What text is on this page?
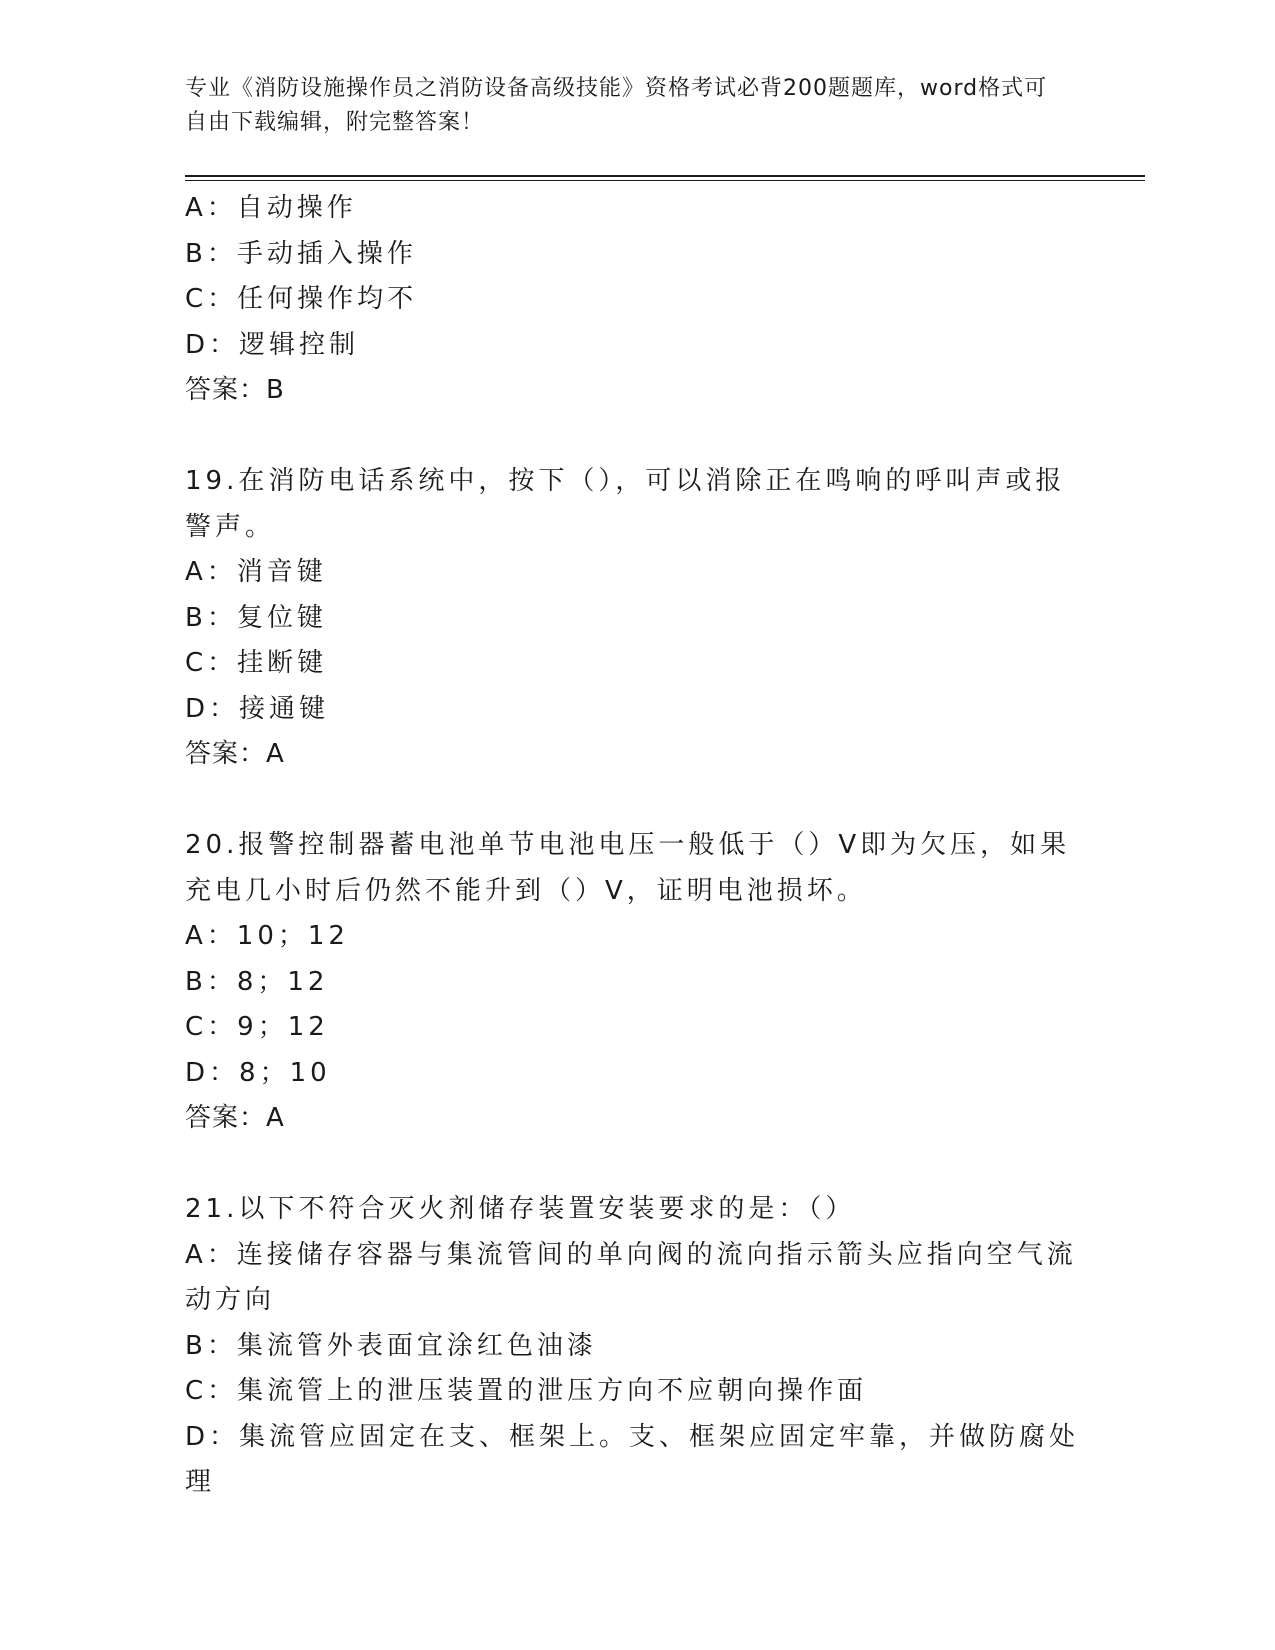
专业《消防设施操作员之消防设备高级技能》资格考试必背200题题库，word格式可自由下载编辑，附完整答案！
A：自动操作
B：手动插入操作
C：任何操作均不
D：逻辑控制
答案：B
19.在消防电话系统中，按下（），可以消除正在鸣响的呼叫声或报警声。
A：消音键
B：复位键
C：挂断键
D：接通键
答案：A
20.报警控制器蓄电池单节电池电压一般低于（）V即为欠压，如果充电几小时后仍然不能升到（）V，证明电池损坏。
A：10；12
B：8；12
C：9；12
D：8；10
答案：A
21.以下不符合灭火剂储存装置安装要求的是：（）
A：连接储存容器与集流管间的单向阀的流向指示箭头应指向空气流动方向
B：集流管外表面宜涂红色油漆
C：集流管上的泄压装置的泄压方向不应朝向操作面
D：集流管应固定在支、框架上。支、框架应固定牢靠，并做防腐处理
